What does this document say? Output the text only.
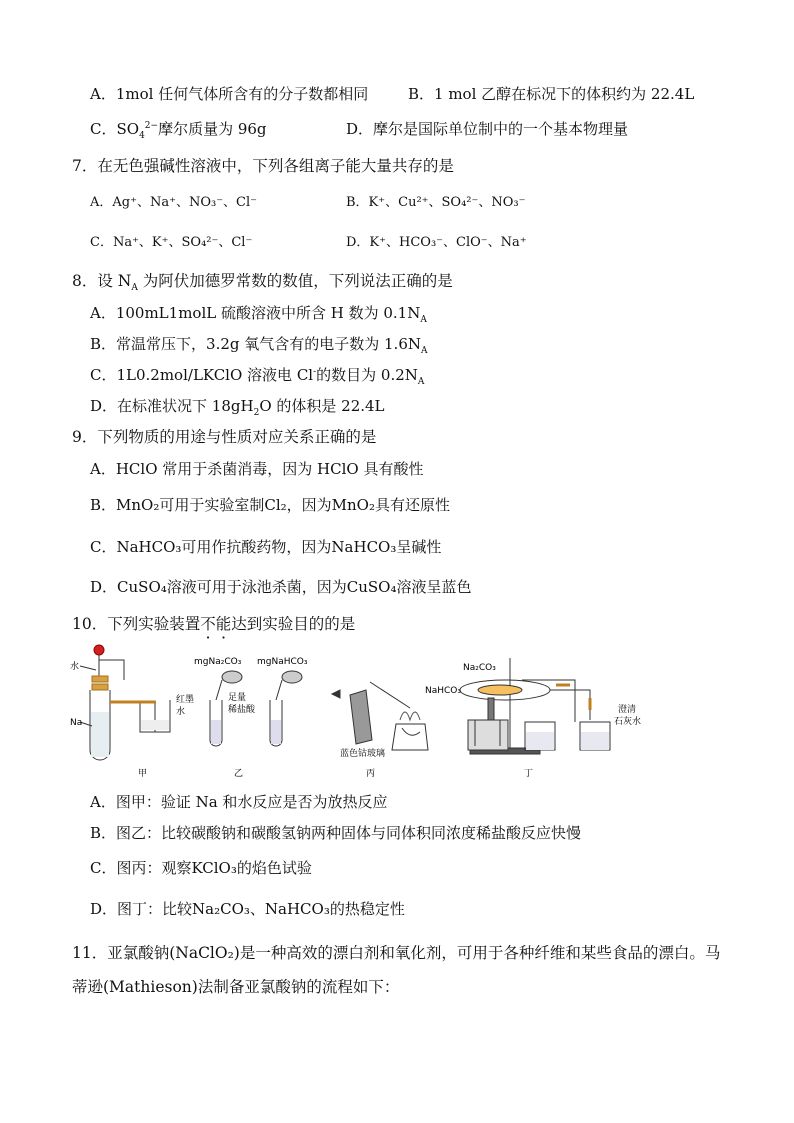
A．1mol 任何气体所含有的分子数都相同	B．1 mol 乙醇在标况下的体积约为 22.4L
C．$SO_4^{2-}$摩尔质量为 96g	D．摩尔是国际单位制中的一个基本物理量
7．在无色强碱性溶液中，下列各组离子能大量共存的是
A．Ag⁺、Na⁺、NO₃⁻、Cl⁻	B．K⁺、Cu²⁺、SO₄²⁻、NO₃⁻
C．Na⁺、K⁺、SO₄²⁻、Cl⁻	D．K⁺、HCO₃⁻、ClO⁻、Na⁺
8．设 $N_A$ 为阿伏加德罗常数的数值，下列说法正确的是
A．100mL1molL 硫酸溶液中所含 H 数为 $0.1N_A$
B．常温常压下，3.2g 氧气含有的电子数为 $1.6N_A$
C．1L0.2mol/LKClO 溶液电 Cl-的数目为 $0.2N_A$
D．在标准状况下 $18gH_2O$ 的体积是 22.4L
9．下列物质的用途与性质对应关系正确的是
A．HClO 常用于杀菌消毒，因为 HClO 具有酸性
B．MnO₂可用于实验室制Cl₂，因为MnO₂具有还原性
C．NaHCO₃可用作抗酸药物，因为NaHCO₃呈碱性
D．CuSO₄溶液可用于泳池杀菌，因为CuSO₄溶液呈蓝色
10．下列实验装置不能达到实验目的的是
水
Na
红墨
水
甲
mgNa₂CO₃ mgNaHCO₃
足量
稀盐酸
乙
蓝色钴玻璃
丙
Na₂CO₃
NaHCO₃
澄清
石灰水
丁
A．图甲：验证 Na 和水反应是否为放热反应
B．图乙：比较碳酸钠和碳酸氢钠两种固体与同体积同浓度稀盐酸反应快慢
C．图丙：观察KClO₃的焰色试验
D．图丁：比较Na₂CO₃、NaHCO₃的热稳定性
11．亚氯酸钠(NaClO₂)是一种高效的漂白剂和氧化剂，可用于各种纤维和某些食品的漂白。马
蒂逊(Mathieson)法制备亚氯酸钠的流程如下：
